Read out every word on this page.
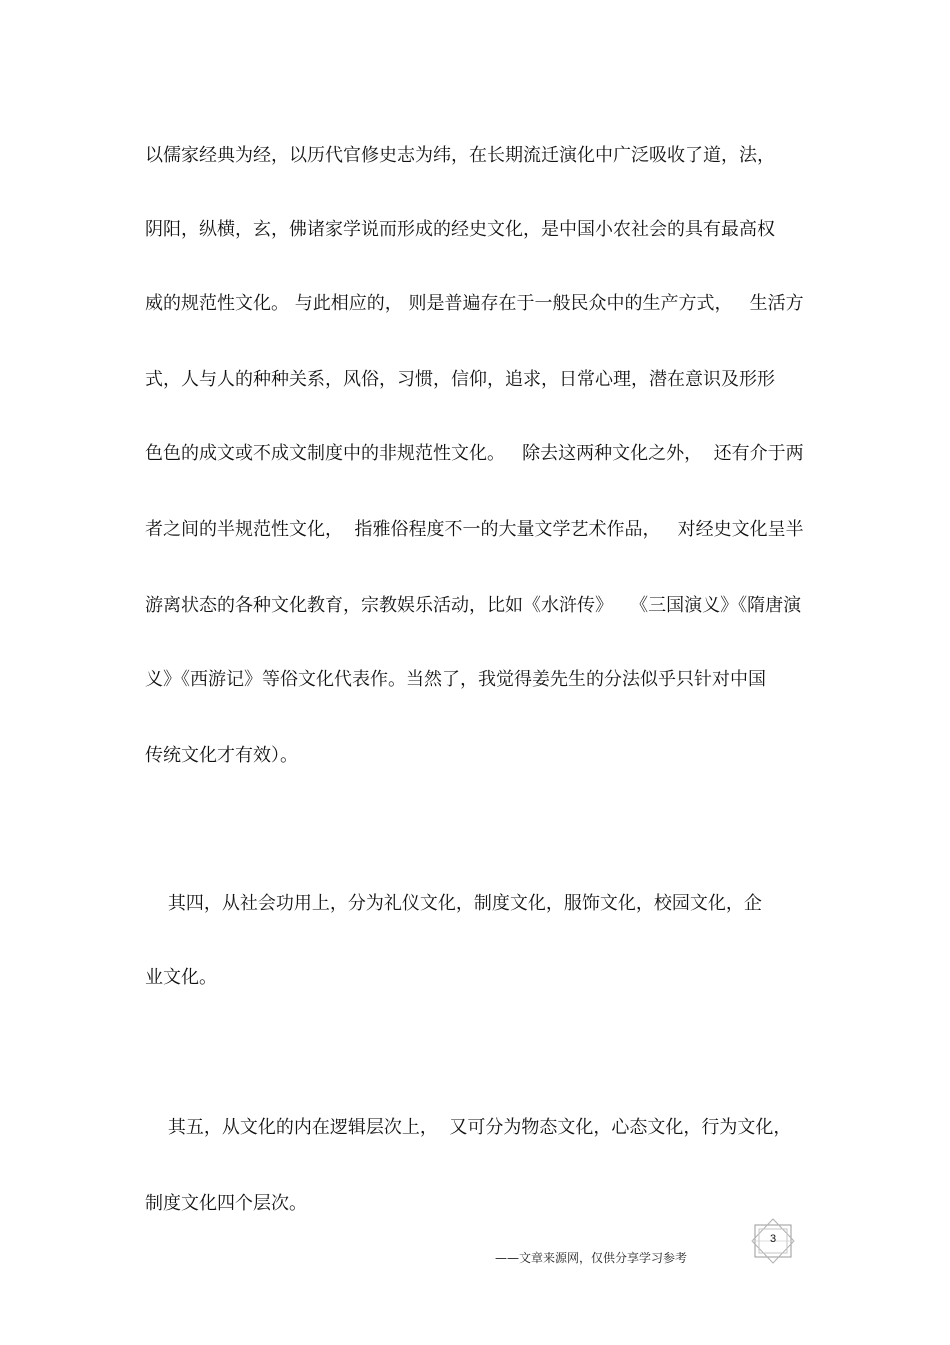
以儒家经典为经，以历代官修史志为纬，在长期流迁演化中广泛吸收了道，法，
阴阳，纵横，玄，佛诸家学说而形成的经史文化，是中国小农社会的具有最高权
威的规范性文化。 与此相应的， 则是普遍存在于一般民众中的生产方式，   生活方
式，人与人的种种关系，风俗，习惯，信仰，追求，日常心理，潜在意识及形形
色色的成文或不成文制度中的非规范性文化。   除去这两种文化之外，  还有介于两
者之间的半规范性文化，  指雅俗程度不一的大量文学艺术作品，   对经史文化呈半
游离状态的各种文化教育，宗教娱乐活动，比如《水浒传》   《三国演义》《隋唐演
义》《西游记》等俗文化代表作。当然了，我觉得姜先生的分法似乎只针对中国
传统文化才有效）。
其四，从社会功用上，分为礼仪文化，制度文化，服饰文化，校园文化，企
业文化。
其五，从文化的内在逻辑层次上，  又可分为物态文化，心态文化，行为文化，
制度文化四个层次。
3
——文章来源网，仅供分享学习参考
